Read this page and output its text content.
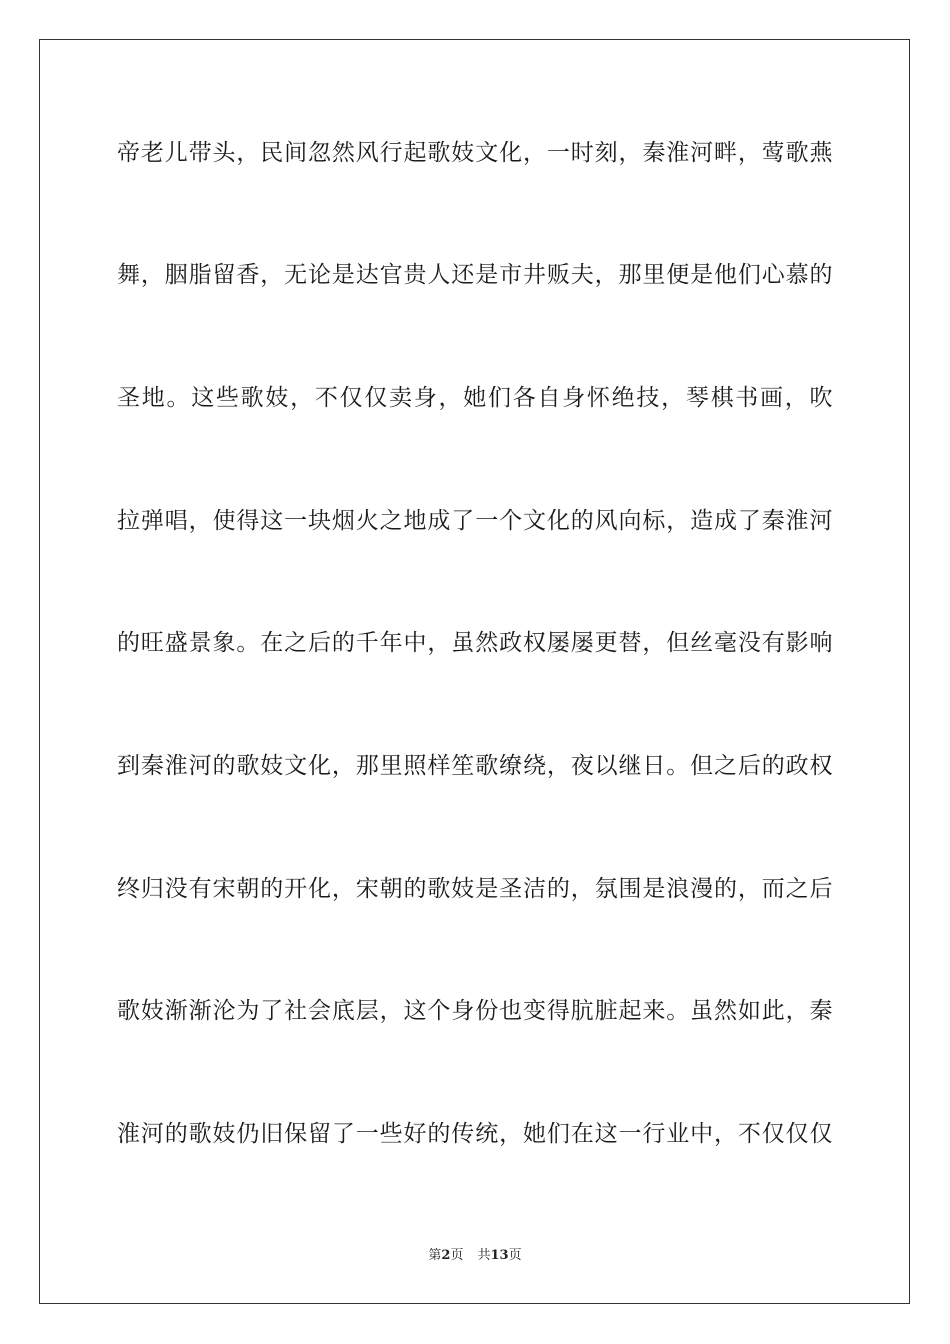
帝老儿带头，民间忽然风行起歌妓文化，一时刻，秦淮河畔，莺歌燕
舞，胭脂留香，无论是达官贵人还是市井贩夫，那里便是他们心慕的
圣地。这些歌妓，不仅仅卖身，她们各自身怀绝技，琴棋书画，吹
拉弹唱，使得这一块烟火之地成了一个文化的风向标，造成了秦淮河
的旺盛景象。在之后的千年中，虽然政权屡屡更替，但丝毫没有影响
到秦淮河的歌妓文化，那里照样笙歌缭绕，夜以继日。但之后的政权
终归没有宋朝的开化，宋朝的歌妓是圣洁的，氛围是浪漫的，而之后
歌妓渐渐沦为了社会底层，这个身份也变得肮脏起来。虽然如此，秦
淮河的歌妓仍旧保留了一些好的传统，她们在这一行业中，不仅仅仅
第2页 共13页
